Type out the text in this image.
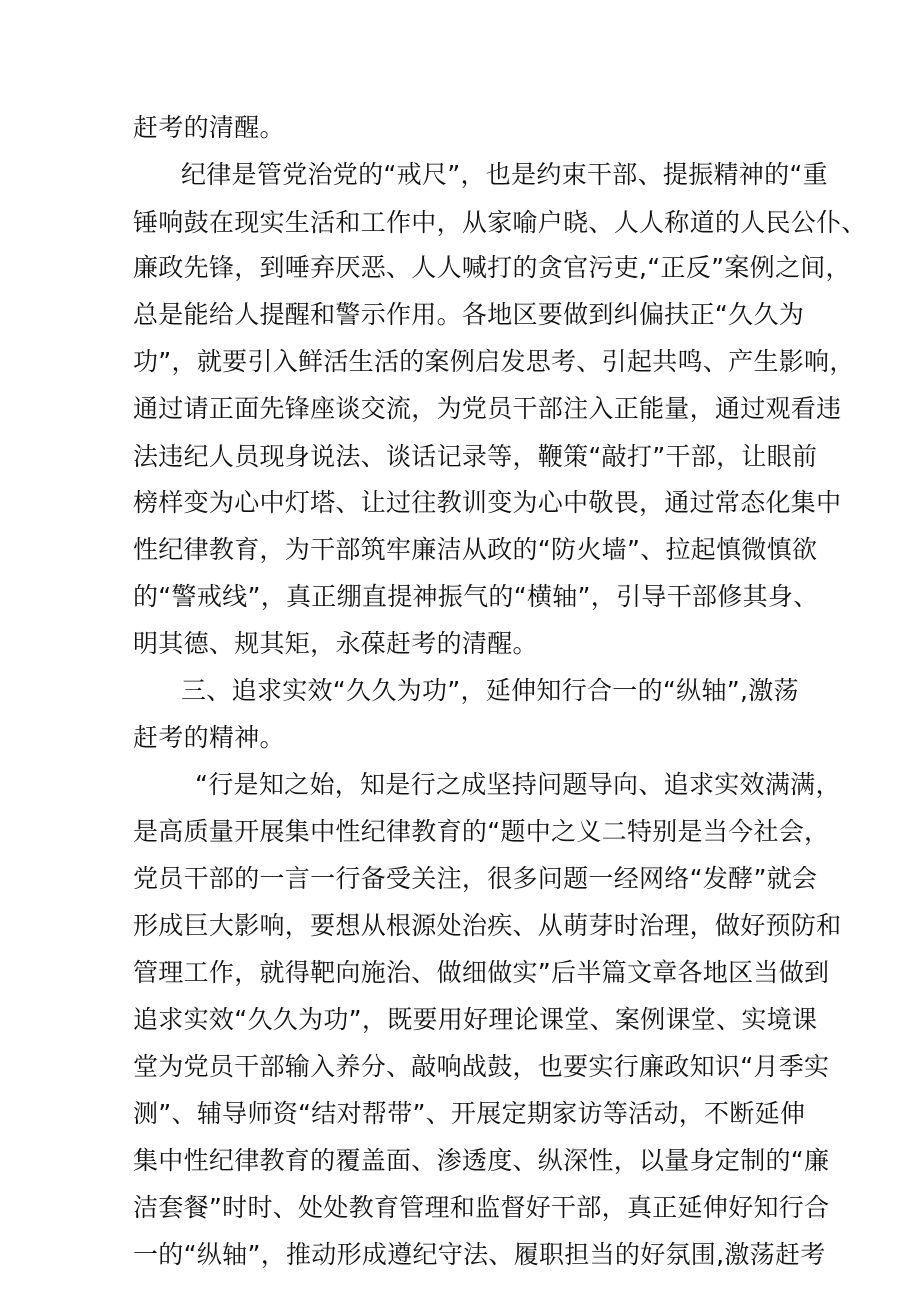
赶考的清醒。
纪律是管党治党的“戒尺”，也是约束干部、提振精神的“重
锤响鼓在现实生活和工作中，从家喻户晓、人人称道的人民公仆、
廉政先锋，到唾弃厌恶、人人喊打的贪官污吏,“正反”案例之间，
总是能给人提醒和警示作用。各地区要做到纠偏扶正“久久为
功”，就要引入鲜活生活的案例启发思考、引起共鸣、产生影响，
通过请正面先锋座谈交流，为党员干部注入正能量，通过观看违
法违纪人员现身说法、谈话记录等，鞭策“敲打”干部，让眼前
榜样变为心中灯塔、让过往教训变为心中敬畏，通过常态化集中
性纪律教育，为干部筑牢廉洁从政的“防火墙”、拉起慎微慎欲
的“警戒线”，真正绷直提神振气的“横轴”，引导干部修其身、
明其德、规其矩，永葆赶考的清醒。
三、追求实效“久久为功”，延伸知行合一的“纵轴”,激荡
赶考的精神。
“行是知之始，知是行之成坚持问题导向、追求实效满满，
是高质量开展集中性纪律教育的“题中之义二特别是当今社会，
党员干部的一言一行备受关注，很多问题一经网络“发酵”就会
形成巨大影响，要想从根源处治疾、从萌芽时治理，做好预防和
管理工作，就得靶向施治、做细做实”后半篇文章各地区当做到
追求实效“久久为功”，既要用好理论课堂、案例课堂、实境课
堂为党员干部输入养分、敲响战鼓，也要实行廉政知识“月季实
测”、辅导师资“结对帮带”、开展定期家访等活动，不断延伸
集中性纪律教育的覆盖面、渗透度、纵深性，以量身定制的“廉
洁套餐”时时、处处教育管理和监督好干部，真正延伸好知行合
一的“纵轴”，推动形成遵纪守法、履职担当的好氛围,激荡赶考
